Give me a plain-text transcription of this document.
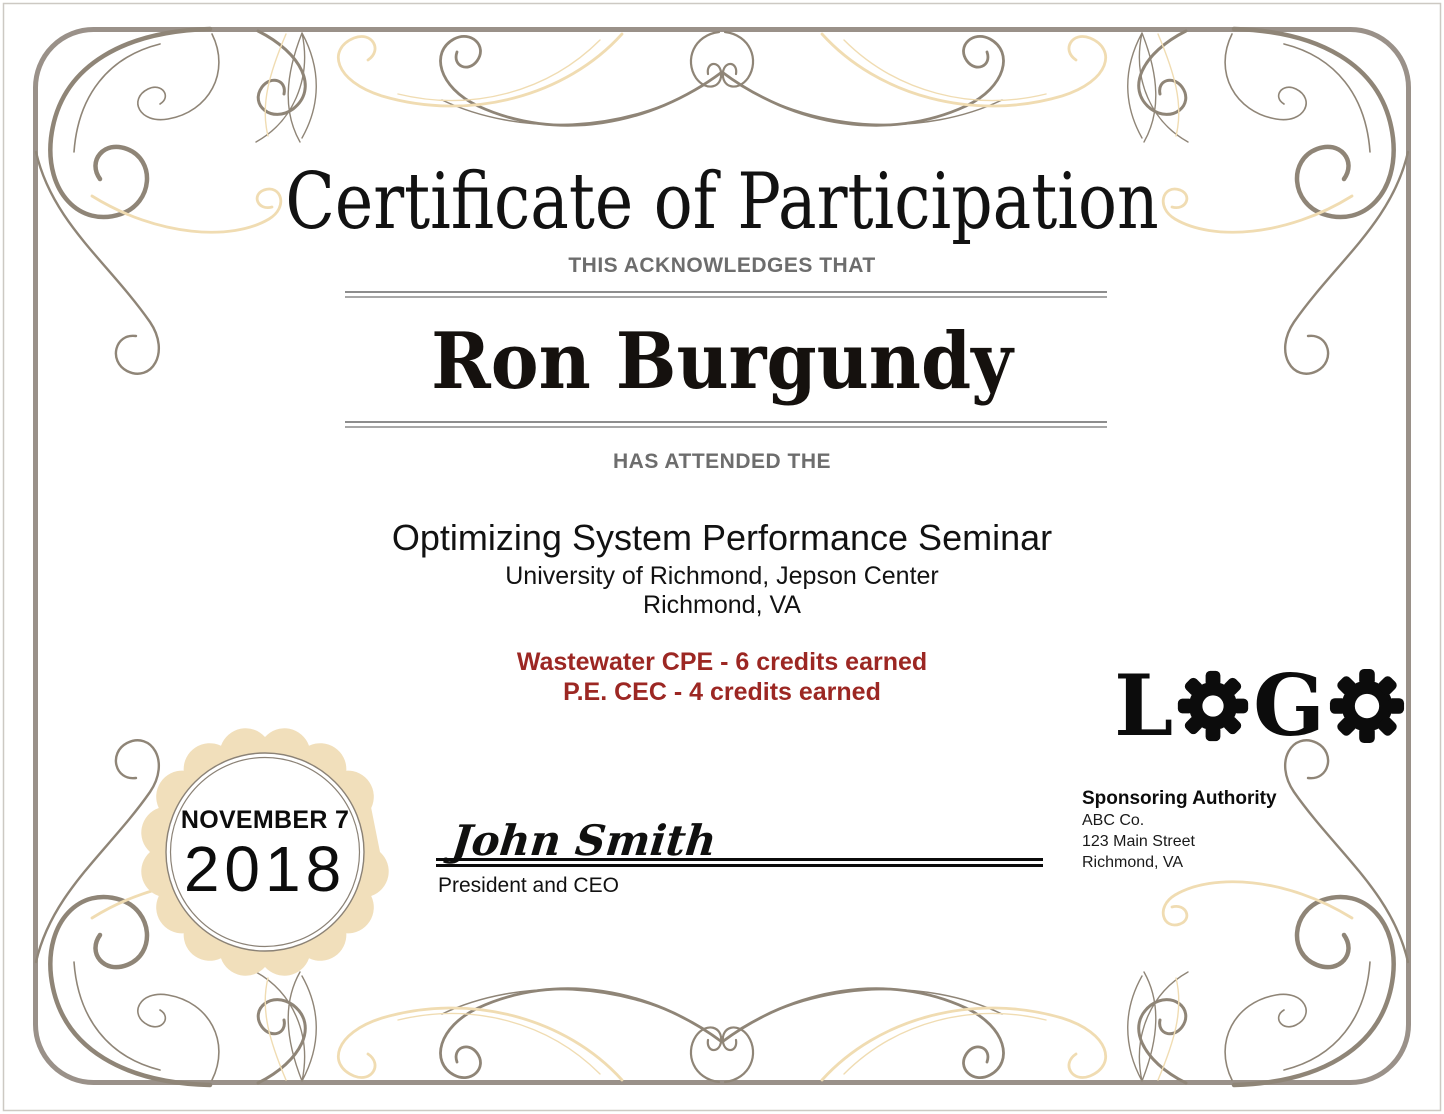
Certificate of Participation
THIS ACKNOWLEDGES THAT
Ron Burgundy
HAS ATTENDED THE
Optimizing System Performance Seminar
University of Richmond, Jepson Center
Richmond, VA
Wastewater CPE - 6 credits earned
P.E. CEC - 4 credits earned
NOVEMBER 7
2018
L G
Sponsoring Authority
ABC Co.
123 Main Street
Richmond, VA
John Smith
President and CEO
